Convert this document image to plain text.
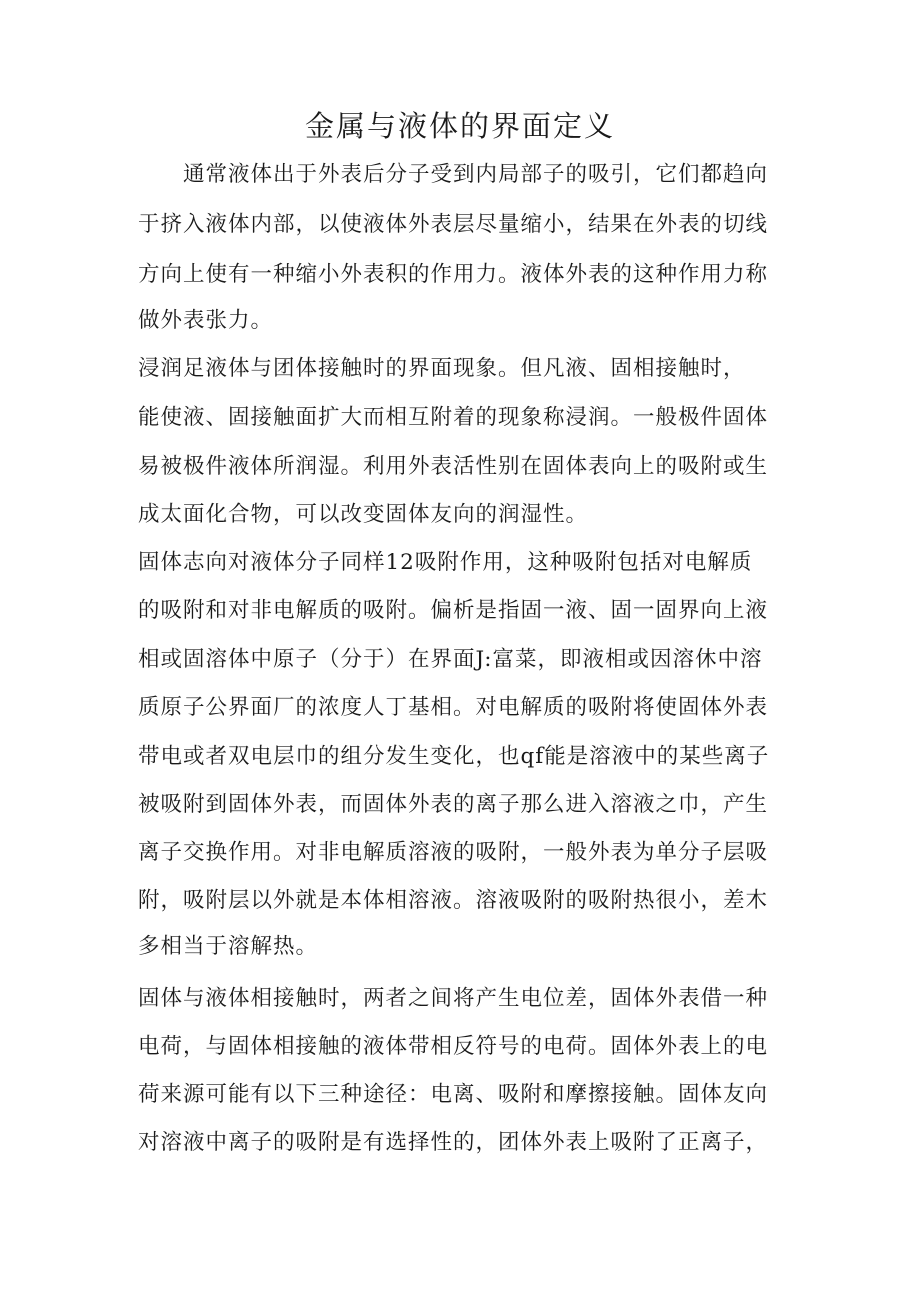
金属与液体的界面定义

　　通常液体出于外表后分子受到内局部子的吸引，它们都趋向

于挤入液体内部，以使液体外表层尽量缩小，结果在外表的切线

方向上使有一种缩小外表积的作用力。液体外表的这种作用力称

做外表张力。

浸润足液体与团体接触时的界面现象。但凡液、固相接触时，

能使液、固接触面扩大而相互附着的现象称浸润。一般极件固体

易被极件液体所润湿。利用外表活性别在固体表向上的吸附或生

成太面化合物，可以改变固体友向的润湿性。

固体志向对液体分子同样12吸附作用，这种吸附包括对电解质

的吸附和对非电解质的吸附。偏析是指固一液、固一固界向上液

相或固溶体中原子（分于）在界面J:富菜，即液相或因溶休中溶

质原子公界面厂的浓度人丁基相。对电解质的吸附将使固体外表

带电或者双电层巾的组分发生变化，也qf能是溶液中的某些离子

被吸附到固体外表，而固体外表的离子那么进入溶液之巾，产生

离子交换作用。对非电解质溶液的吸附，一般外表为单分子层吸

附，吸附层以外就是本体相溶液。溶液吸附的吸附热很小，差木

多相当于溶解热。

固体与液体相接触时，两者之间将产生电位差，固体外表借一种

电荷，与固体相接触的液体带相反符号的电荷。固体外表上的电

荷来源可能有以下三种途径：电离、吸附和摩擦接触。固体友向

对溶液中离子的吸附是有选择性的，团体外表上吸附了正离子，
